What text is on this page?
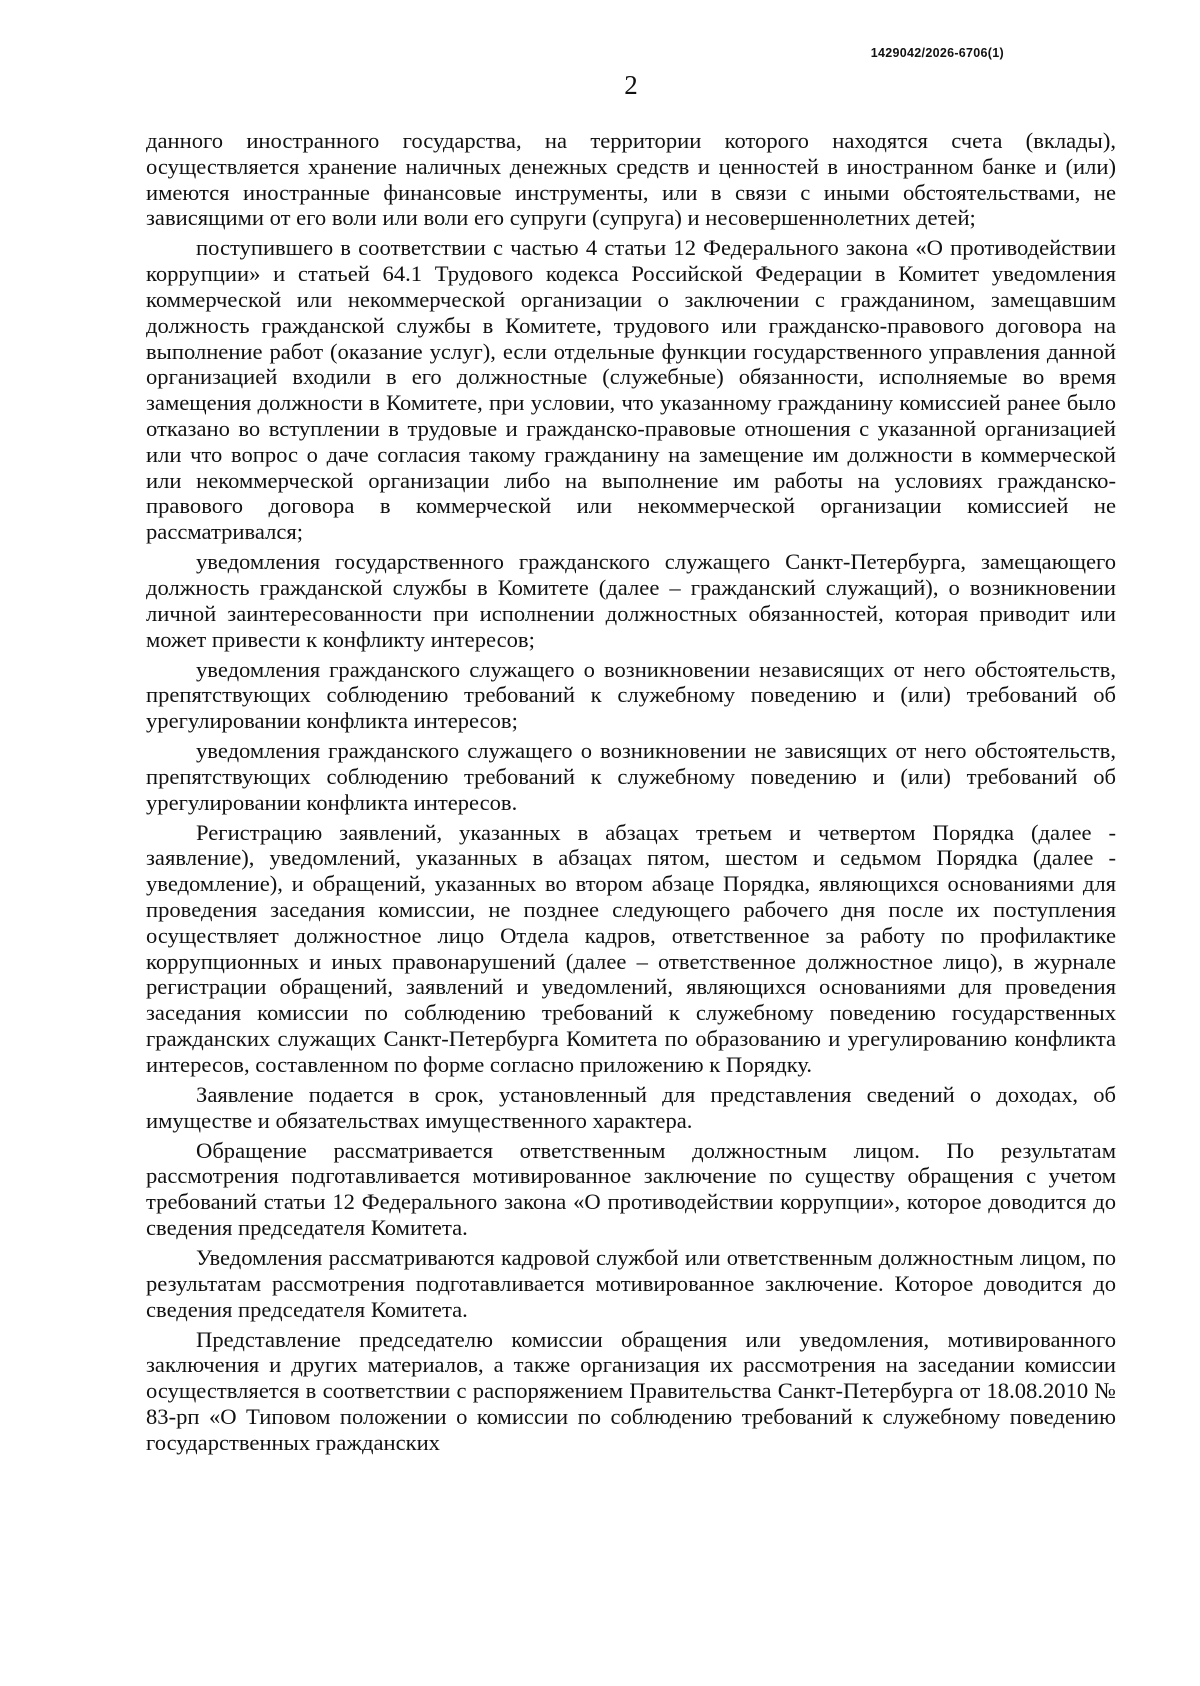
1429042/2026-6706(1)
2

данного иностранного государства, на территории которого находятся счета (вклады), осуществляется хранение наличных денежных средств и ценностей в иностранном банке и (или) имеются иностранные финансовые инструменты, или в связи с иными обстоятельствами, не зависящими от его воли или воли его супруги (супруга) и несовершеннолетних детей;

поступившего в соответствии с частью 4 статьи 12 Федерального закона «О противодействии коррупции» и статьей 64.1 Трудового кодекса Российской Федерации в Комитет уведомления коммерческой или некоммерческой организации о заключении с гражданином, замещавшим должность гражданской службы в Комитете, трудового или гражданско-правового договора на выполнение работ (оказание услуг), если отдельные функции государственного управления данной организацией входили в его должностные (служебные) обязанности, исполняемые во время замещения должности в Комитете, при условии, что указанному гражданину комиссией ранее было отказано во вступлении в трудовые и гражданско-правовые отношения с указанной организацией или что вопрос о даче согласия такому гражданину на замещение им должности в коммерческой или некоммерческой организации либо на выполнение им работы на условиях гражданско-правового договора в коммерческой или некоммерческой организации комиссией не рассматривался;

уведомления государственного гражданского служащего Санкт-Петербурга, замещающего должность гражданской службы в Комитете (далее – гражданский служащий), о возникновении личной заинтересованности при исполнении должностных обязанностей, которая приводит или может привести к конфликту интересов;

уведомления гражданского служащего о возникновении независящих от него обстоятельств, препятствующих соблюдению требований к служебному поведению и (или) требований об урегулировании конфликта интересов;

уведомления гражданского служащего о возникновении не зависящих от него обстоятельств, препятствующих соблюдению требований к служебному поведению и (или) требований об урегулировании конфликта интересов.

Регистрацию заявлений, указанных в абзацах третьем и четвертом Порядка (далее - заявление), уведомлений, указанных в абзацах пятом, шестом и седьмом Порядка (далее - уведомление), и обращений, указанных во втором абзаце Порядка, являющихся основаниями для проведения заседания комиссии, не позднее следующего рабочего дня после их поступления осуществляет должностное лицо Отдела кадров, ответственное за работу по профилактике коррупционных и иных правонарушений (далее – ответственное должностное лицо), в журнале регистрации обращений, заявлений и уведомлений, являющихся основаниями для проведения заседания комиссии по соблюдению требований к служебному поведению государственных гражданских служащих Санкт-Петербурга Комитета по образованию и урегулированию конфликта интересов, составленном по форме согласно приложению к Порядку.

Заявление подается в срок, установленный для представления сведений о доходах, об имуществе и обязательствах имущественного характера.

Обращение рассматривается ответственным должностным лицом. По результатам рассмотрения подготавливается мотивированное заключение по существу обращения с учетом требований статьи 12 Федерального закона «О противодействии коррупции», которое доводится до сведения председателя Комитета.

Уведомления рассматриваются кадровой службой или ответственным должностным лицом, по результатам рассмотрения подготавливается мотивированное заключение. Которое доводится до сведения председателя Комитета.

Представление председателю комиссии обращения или уведомления, мотивированного заключения и других материалов, а также организация их рассмотрения на заседании комиссии осуществляется в соответствии с распоряжением Правительства Санкт-Петербурга от 18.08.2010 № 83-рп «О Типовом положении о комиссии по соблюдению требований к служебному поведению государственных гражданских
